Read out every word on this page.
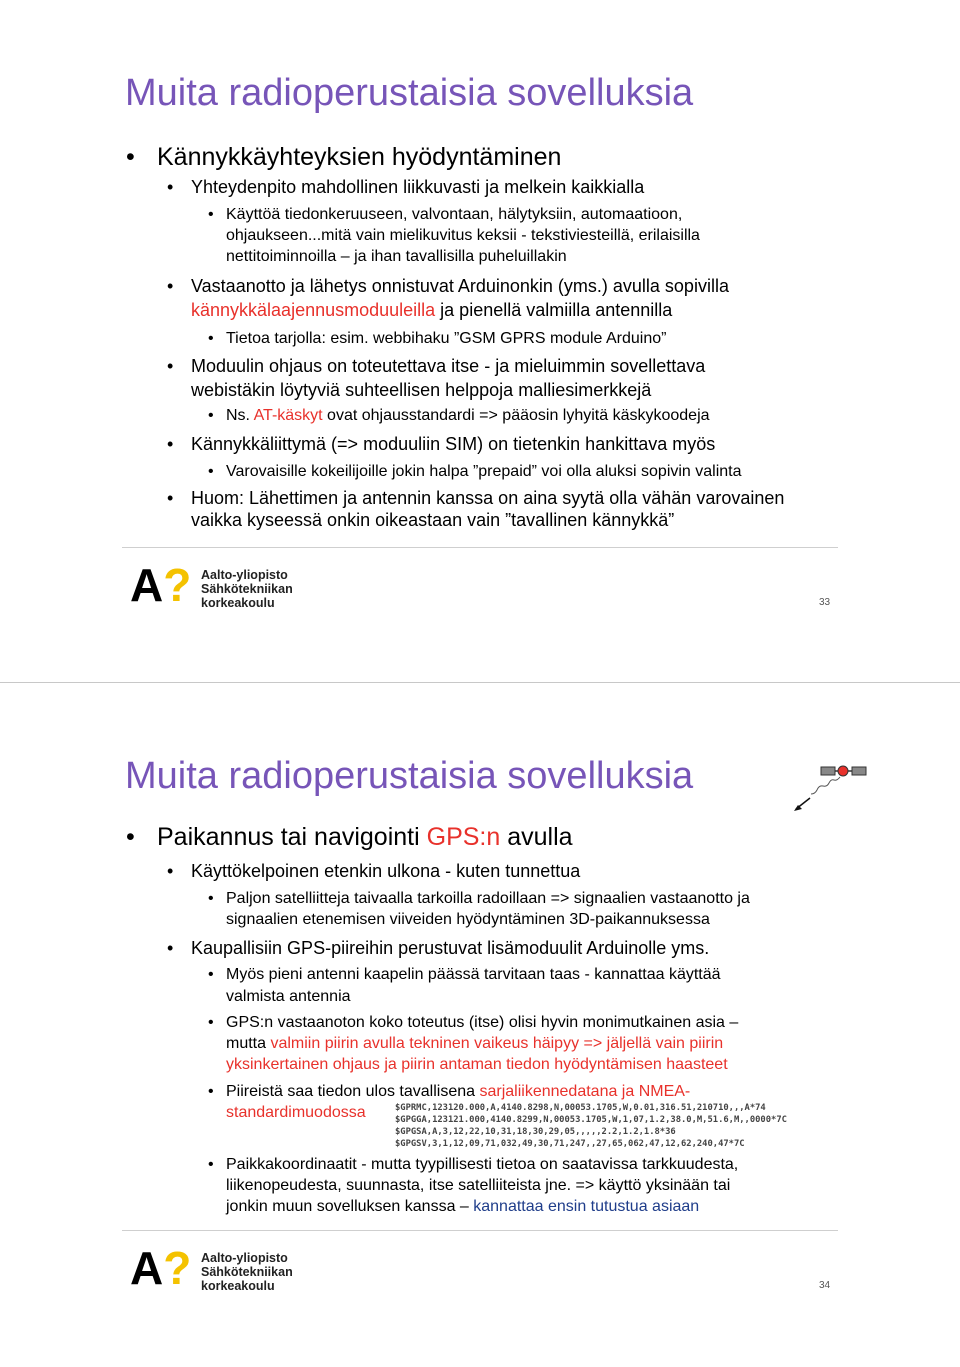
Muita radioperustaisia sovelluksia
• Kännykkäyhteyksien hyödyntäminen
• Yhteydenpito mahdollinen liikkuvasti ja melkein kaikkialla
• Käyttöä tiedonkeruuseen, valvontaan, hälytyksiin, automaatioon,
ohjaukseen...mitä vain mielikuvitus keksii - tekstiviesteillä, erilaisilla
nettitoiminnoilla – ja ihan tavallisilla puheluillakin
• Vastaanotto ja lähetys onnistuvat Arduinonkin (yms.) avulla sopivilla
kännykkälaajennusmoduuleilla ja pienellä valmiilla antennilla
• Tietoa tarjolla: esim. webbihaku ”GSM GPRS module Arduino”
• Moduulin ohjaus on toteutettava itse - ja mieluimmin sovellettava
webistäkin löytyviä suhteellisen helppoja malliesimerkkejä
• Ns. AT-käskyt ovat ohjausstandardi => pääosin lyhyitä käskykoodeja
• Kännykkäliittymä (=> moduuliin SIM) on tietenkin hankittava myös
• Varovaisille kokeilijoille jokin halpa ”prepaid” voi olla aluksi sopivin valinta
• Huom: Lähettimen ja antennin kanssa on aina syytä olla vähän varovainen
vaikka kyseessä onkin oikeastaan vain ”tavallinen kännykkä”
A? Aalto-yliopisto
Sähkötekniikan
korkeakoulu	33
Muita radioperustaisia sovelluksia
• Paikannus tai navigointi GPS:n avulla
• Käyttökelpoinen etenkin ulkona - kuten tunnettua
• Paljon satelliitteja taivaalla tarkoilla radoillaan => signaalien vastaanotto ja
signaalien etenemisen viiveiden hyödyntäminen 3D-paikannuksessa
• Kaupallisiin GPS-piireihin perustuvat lisämoduulit Arduinolle yms.
• Myös pieni antenni kaapelin päässä tarvitaan taas - kannattaa käyttää
valmista antennia
• GPS:n vastaanoton koko toteutus (itse) olisi hyvin monimutkainen asia –
mutta valmiin piirin avulla tekninen vaikeus häipyy => jäljellä vain piirin
yksinkertainen ohjaus ja piirin antaman tiedon hyödyntämisen haasteet
• Piireistä saa tiedon ulos tavallisena sarjaliikennedatana ja NMEA-
standardimuodossa	$GPRMC,123120.000,A,4140.8298,N,00053.1705,W,0.01,316.51,210710,,,A*74
$GPGGA,123121.000,4140.8299,N,00053.1705,W,1,07,1.2,38.0,M,51.6,M,,0000*7C
$GPGSA,A,3,12,22,10,31,18,30,29,05,,,,,2.2,1.2,1.8*36
$GPGSV,3,1,12,09,71,032,49,30,71,247,,27,65,062,47,12,62,240,47*7C
• Paikkakoordinaatit - mutta tyypillisesti tietoa on saatavissa tarkkuudesta,
liikenopeudesta, suunnasta, itse satelliiteista jne. => käyttö yksinään tai
jonkin muun sovelluksen kanssa – kannattaa ensin tutustua asiaan
A? Aalto-yliopisto
Sähkötekniikan
korkeakoulu	34
